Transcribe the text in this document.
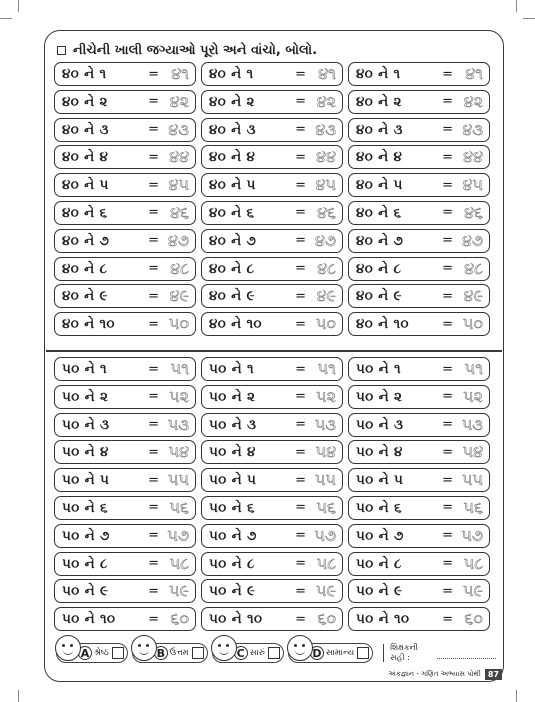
નીચેની ખાલી જગ્યાઓ પૂરો અને વાંચો, બોલો.
૪૦ ને ૧	= ૪૧ ૪૦ ને ૧	= ૪૧ ૪૦ ને ૧	= ૪૧
૪૦ ને ૨	= ૪૨ ૪૦ ને ૨	= ૪૨ ૪૦ ને ૨	= ૪૨
૪૦ ને ૩	= ૪૩ ૪૦ ને ૩	= ૪૩ ૪૦ ને ૩	= ૪૩
૪૦ ને ૪	= ૪૪ ૪૦ ને ૪	= ૪૪ ૪૦ ને ૪	= ૪૪
૪૦ ને ૫	= ૪૫ ૪૦ ને ૫	= ૪૫ ૪૦ ને ૫	= ૪૫
૪૦ ને ૬	= ૪૬ ૪૦ ને ૬	= ૪૬ ૪૦ ને ૬	= ૪૬
૪૦ ને ૭	= ૪૭ ૪૦ ને ૭	= ૪૭ ૪૦ ને ૭	= ૪૭
૪૦ ને ૮	= ૪૮ ૪૦ ને ૮	= ૪૮ ૪૦ ને ૮	= ૪૮
૪૦ ને ૯	= ૪૯ ૪૦ ને ૯	= ૪૯ ૪૦ ને ૯	= ૪૯
૪૦ ને ૧૦	= ૫૦ ૪૦ ને ૧૦	= ૫૦ ૪૦ ને ૧૦	= ૫૦
૫૦ ને ૧	= ૫૧ ૫૦ ને ૧	= ૫૧ ૫૦ ને ૧	= ૫૧
૫૦ ને ૨	= ૫૨ ૫૦ ને ૨	= ૫૨ ૫૦ ને ૨	= ૫૨
૫૦ ને ૩	= ૫૩ ૫૦ ને ૩	= ૫૩ ૫૦ ને ૩	= ૫૩
૫૦ ને ૪	= ૫૪ ૫૦ ને ૪	= ૫૪ ૫૦ ને ૪	= ૫૪
૫૦ ને ૫	= ૫૫ ૫૦ ને ૫	= ૫૫ ૫૦ ને ૫	= ૫૫
૫૦ ને ૬	= ૫૬ ૫૦ ને ૬	= ૫૬ ૫૦ ને ૬	= ૫૬
૫૦ ને ૭	= ૫૭ ૫૦ ને ૭	= ૫૭ ૫૦ ને ૭	= ૫૭
૫૦ ને ૮	= ૫૮ ૫૦ ને ૮	= ૫૮ ૫૦ ને ૮	= ૫૮
૫૦ ને ૯	= ૫૯ ૫૦ ને ૯	= ૫૯ ૫૦ ને ૯	= ૫૯
૫૦ ને ૧૦	= ૬૦ ૫૦ ને ૧૦	= ૬૦ ૫૦ ને ૧૦	= ૬૦
A શ્રેષ્ઠ	B ઉત્તમ	C સારું	D સામાન્ય
શિક્ષકની સહી :
અંકજ્ઞાન - ગણિત અભ્યાસ પોથી 87
